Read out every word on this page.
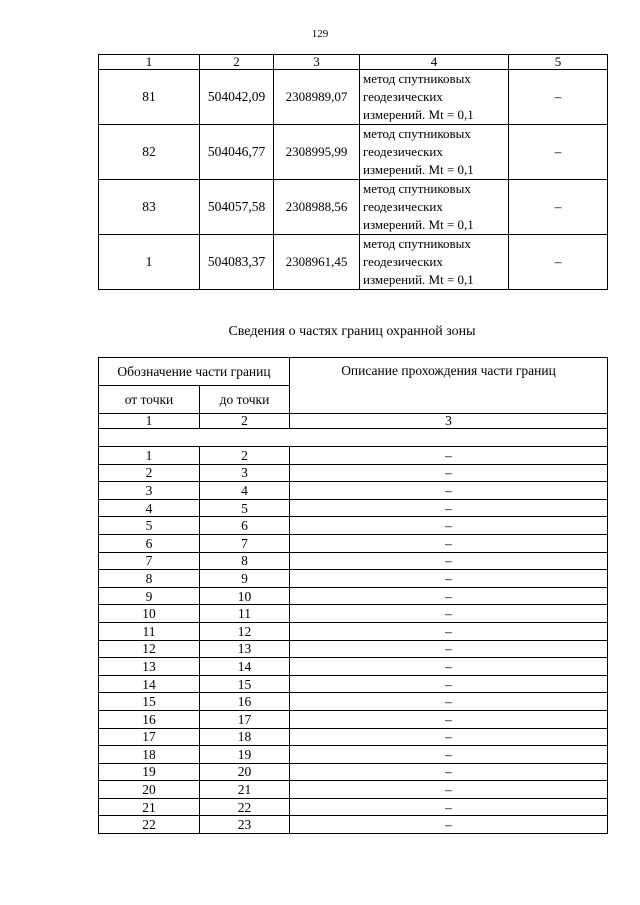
129
1	2	3	4	5
81	504042,09	2308989,07	метод спутниковых
геодезических
измерений. Mt = 0,1	–
82	504046,77	2308995,99	метод спутниковых
геодезических
измерений. Mt = 0,1	–
83	504057,58	2308988,56	метод спутниковых
геодезических
измерений. Mt = 0,1	–
1	504083,37	2308961,45	метод спутниковых
геодезических
измерений. Mt = 0,1	–
Сведения о частях границ охранной зоны
Обозначение части границ		Описание прохождения части границ
от точки	до точки	
1	2	3

1	2	–
2	3	–
3	4	–
4	5	–
5	6	–
6	7	–
7	8	–
8	9	–
9	10	–
10	11	–
11	12	–
12	13	–
13	14	–
14	15	–
15	16	–
16	17	–
17	18	–
18	19	–
19	20	–
20	21	–
21	22	–
22	23	–
